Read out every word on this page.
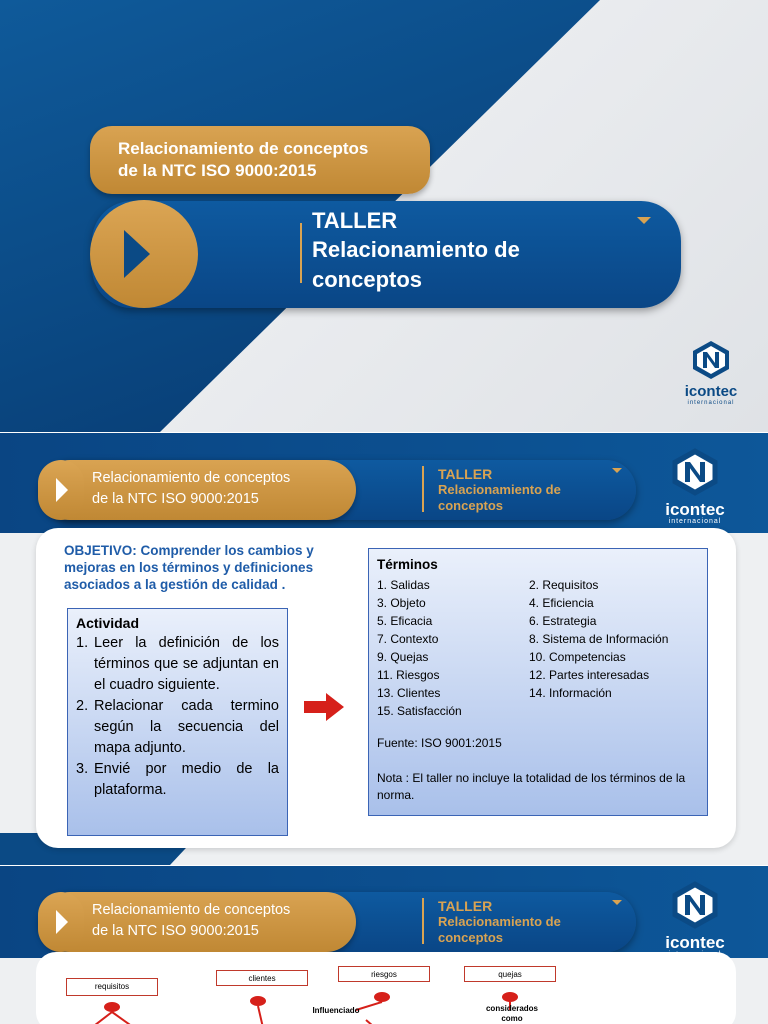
Relacionamiento de conceptos
de la NTC ISO 9000:2015
TALLER
Relacionamiento de
conceptos
icontec
internacional
TALLER
Relacionamiento de
conceptos
Relacionamiento de conceptos
de la NTC ISO 9000:2015
icontec
internacional
OBJETIVO: Comprender los cambios y mejoras en los términos y definiciones asociados a la gestión de calidad .
Actividad
1. Leer la definición de los términos que se adjuntan en el cuadro siguiente.
2. Relacionar cada termino según la secuencia del mapa adjunto.
3. Envié por medio de la plataforma.
Términos
1. Salidas	2. Requisitos
3. Objeto	4. Eficiencia
5. Eficacia	6. Estrategia
7. Contexto	8. Sistema de Información
9. Quejas	10. Competencias
11. Riesgos	12. Partes interesadas
13. Clientes	14. Información
15. Satisfacción
Fuente: ISO 9001:2015
Nota : El taller no incluye la totalidad de los términos de la norma.
TALLER
Relacionamiento de
conceptos
Relacionamiento de conceptos
de la NTC ISO 9000:2015
icontec
requisitos
clientes	riesgos	quejas
Influenciado	considerados como
